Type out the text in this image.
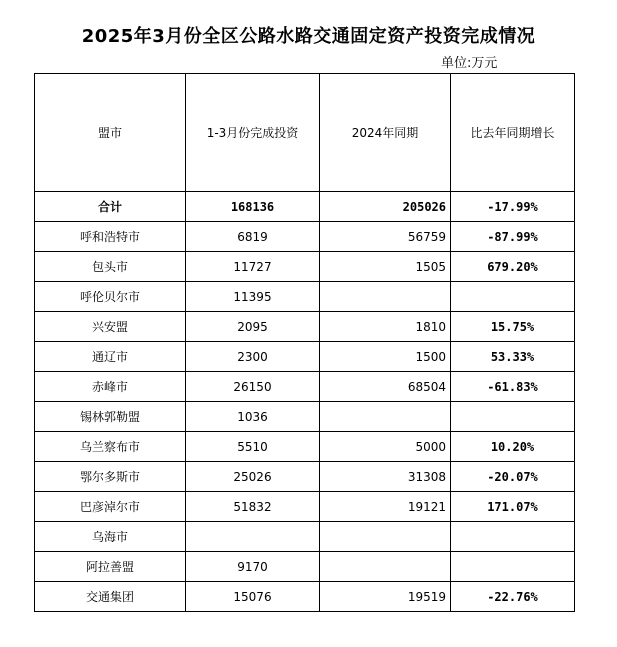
2025年3月份全区公路水路交通固定资产投资完成情况
单位:万元
盟市	1-3月份完成投资	2024年同期	比去年同期增长
合计	168136	205026	-17.99%
呼和浩特市	6819	56759	-87.99%
包头市	11727	1505	679.20%
呼伦贝尔市	11395		
兴安盟	2095	1810	15.75%
通辽市	2300	1500	53.33%
赤峰市	26150	68504	-61.83%
锡林郭勒盟	1036		
乌兰察布市	5510	5000	10.20%
鄂尔多斯市	25026	31308	-20.07%
巴彦淖尔市	51832	19121	171.07%
乌海市			
阿拉善盟	9170		
交通集团	15076	19519	-22.76%
